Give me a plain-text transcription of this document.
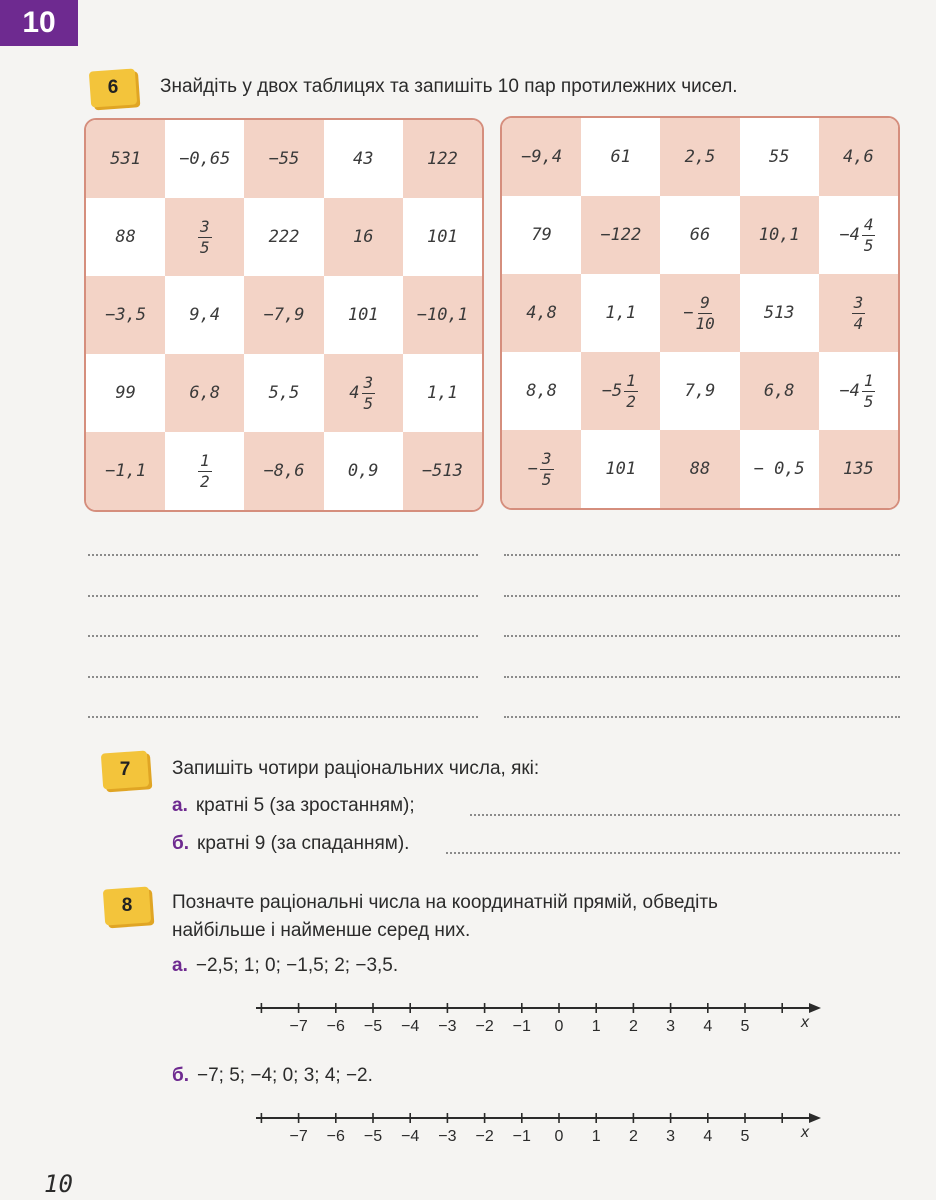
10
6 Знайдіть у двох таблицях та запишіть 10 пар протилежних чисел.
531	−0,65	−55	43	122
88	$\frac{3}{5}$	222	16	101
−3,5	9,4	−7,9	101	−10,1
99	6,8	5,5	$4 \frac{3}{5}$	1,1
−1,1	$\frac{1}{2}$	−8,6	0,9	−513
−9,4	61	2,5	55	4,6
79	−122	66	10,1	$-4 \frac{4}{5}$
4,8	1,1	− $\frac{9}{10}$	513	$\frac{3}{4}$
8,8	$-5 \frac{1}{2}$	7,9	6,8	$-4 \frac{1}{5}$
− $\frac{3}{5}$	101	88	− 0,5	135
7 Запишіть чотири раціональних числа, які:
а. кратні 5 (за зростанням);
б. кратні 9 (за спаданням).
8 Позначте раціональні числа на координатній прямій, обведіть
найбільше і найменше серед них.
а. −2,5; 1; 0; −1,5; 2; −3,5.
−7 −6 −5 −4 −3 −2 −1 0 1 2 3 4 5	x
б. −7; 5; −4; 0; 3; 4; −2.
−7 −6 −5 −4 −3 −2 −1 0 1 2 3 4 5	x
10
